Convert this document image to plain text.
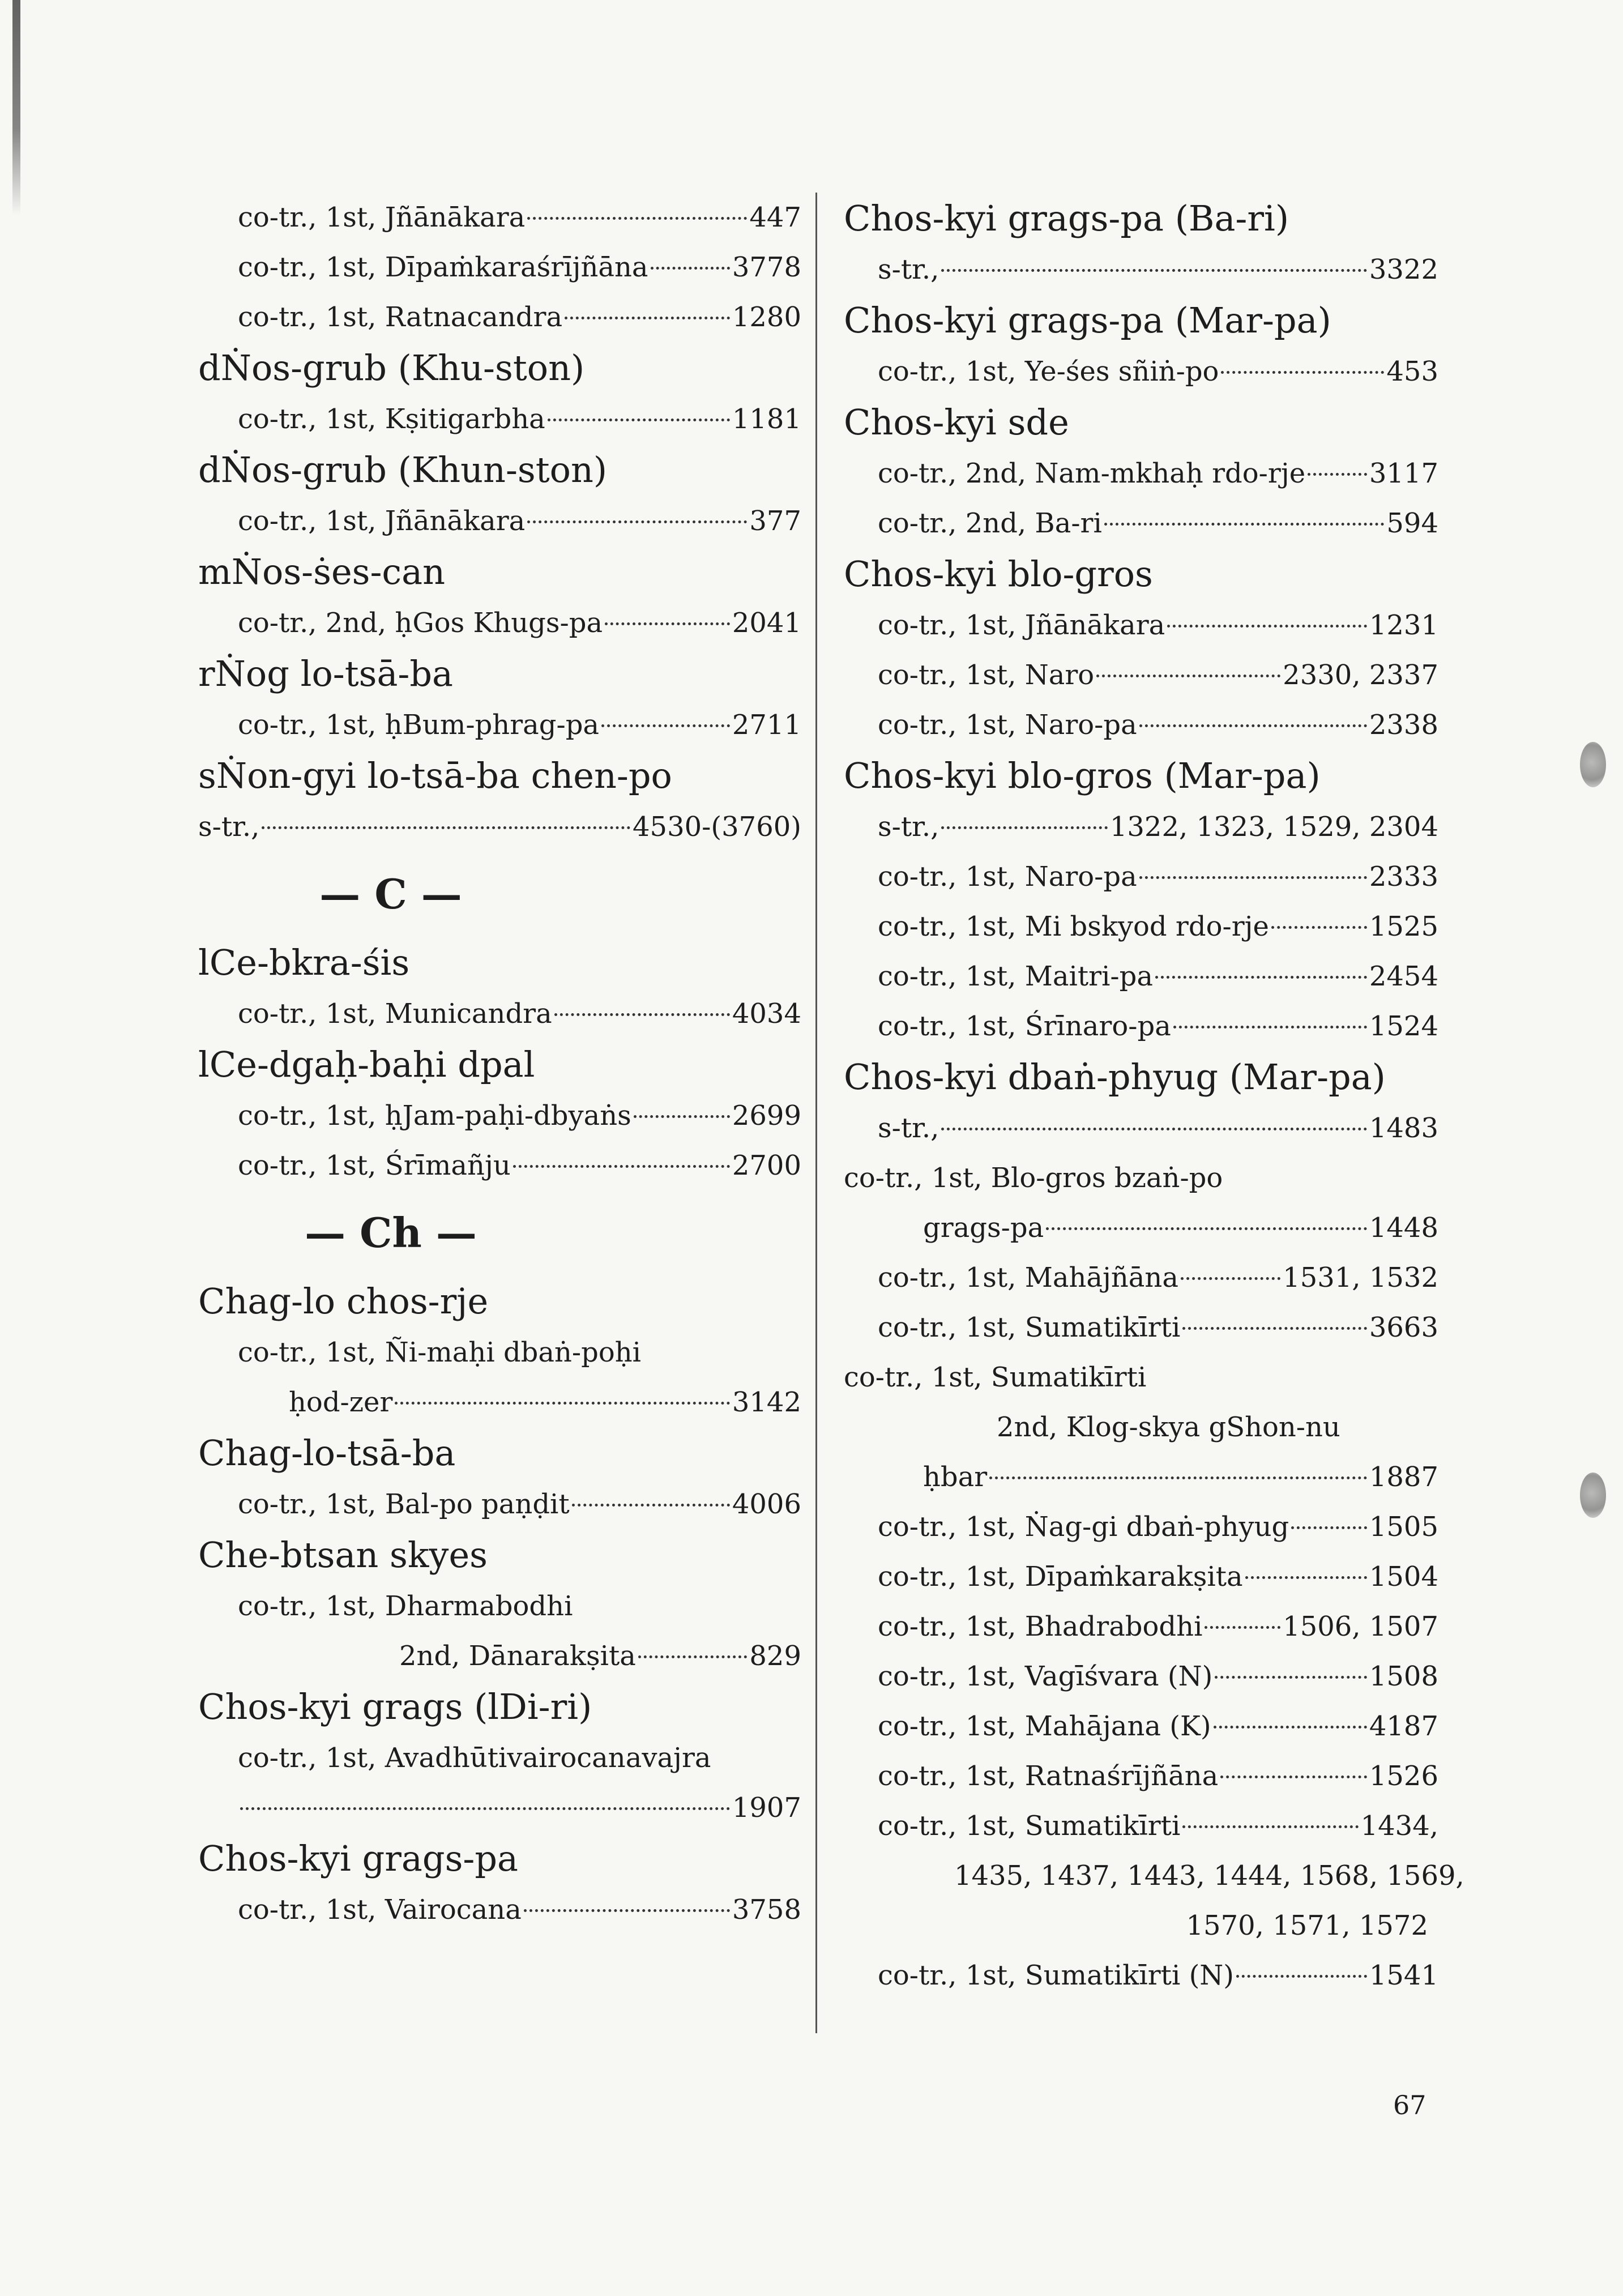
co-tr., 1st, Jñānākara	447
co-tr., 1st, Dīpaṁkaraśrījñāna	3778
co-tr., 1st, Ratnacandra	1280
dṄos-grub (Khu-ston)
co-tr., 1st, Kṣitigarbha	1181
dṄos-grub (Khun-ston)
co-tr., 1st, Jñānākara	377
mṄos-ṡes-can
co-tr., 2nd, ḥGos Khugs-pa	2041
rṄog lo-tsā-ba
co-tr., 1st, ḥBum-phrag-pa	2711
sṄon-gyi lo-tsā-ba chen-po
s-tr.,	4530-(3760)
— C —
lCe-bkra-śis
co-tr., 1st, Municandra	4034
lCe-dgaḥ-baḥi dpal
co-tr., 1st, ḥJam-paḥi-dbyaṅs	2699
co-tr., 1st, Śrīmañju	2700
— Ch —
Chag-lo chos-rje
co-tr., 1st, Ñi-maḥi dbaṅ-poḥi
ḥod-zer	3142
Chag-lo-tsā-ba
co-tr., 1st, Bal-po paṇḍit	4006
Che-btsan skyes
co-tr., 1st, Dharmabodhi
2nd, Dānarakṣita	829
Chos-kyi grags (lDi-ri)
co-tr., 1st, Avadhūtivairocanavajra
1907
Chos-kyi grags-pa
co-tr., 1st, Vairocana	3758
Chos-kyi grags-pa (Ba-ri)
s-tr.,	3322
Chos-kyi grags-pa (Mar-pa)
co-tr., 1st, Ye-śes sñiṅ-po	453
Chos-kyi sde
co-tr., 2nd, Nam-mkhaḥ rdo-rje 3117
co-tr., 2nd, Ba-ri	594
Chos-kyi blo-gros
co-tr., 1st, Jñānākara	1231
co-tr., 1st, Naro	2330, 2337
co-tr., 1st, Naro-pa	2338
Chos-kyi blo-gros (Mar-pa)
s-tr.,	1322, 1323, 1529, 2304
co-tr., 1st, Naro-pa	2333
co-tr., 1st, Mi bskyod rdo-rje	1525
co-tr., 1st, Maitri-pa	2454
co-tr., 1st, Śrīnaro-pa	1524
Chos-kyi dbaṅ-phyug (Mar-pa)
s-tr.,	1483
co-tr., 1st, Blo-gros bzaṅ-po
grags-pa	1448
co-tr., 1st, Mahājñāna	1531, 1532
co-tr., 1st, Sumatikīrti	3663
co-tr., 1st, Sumatikīrti
2nd, Klog-skya gShon-nu
ḥbar	1887
co-tr., 1st, Ṅag-gi dbaṅ-phyug	1505
co-tr., 1st, Dīpaṁkarakṣita	1504
co-tr., 1st, Bhadrabodhi	1506, 1507
co-tr., 1st, Vagīśvara (N)	1508
co-tr., 1st, Mahājana (K)	4187
co-tr., 1st, Ratnaśrījñāna	1526
co-tr., 1st, Sumatikīrti	1434,
1435, 1437, 1443, 1444, 1568, 1569,
1570, 1571, 1572
co-tr., 1st, Sumatikīrti (N)	1541
67
